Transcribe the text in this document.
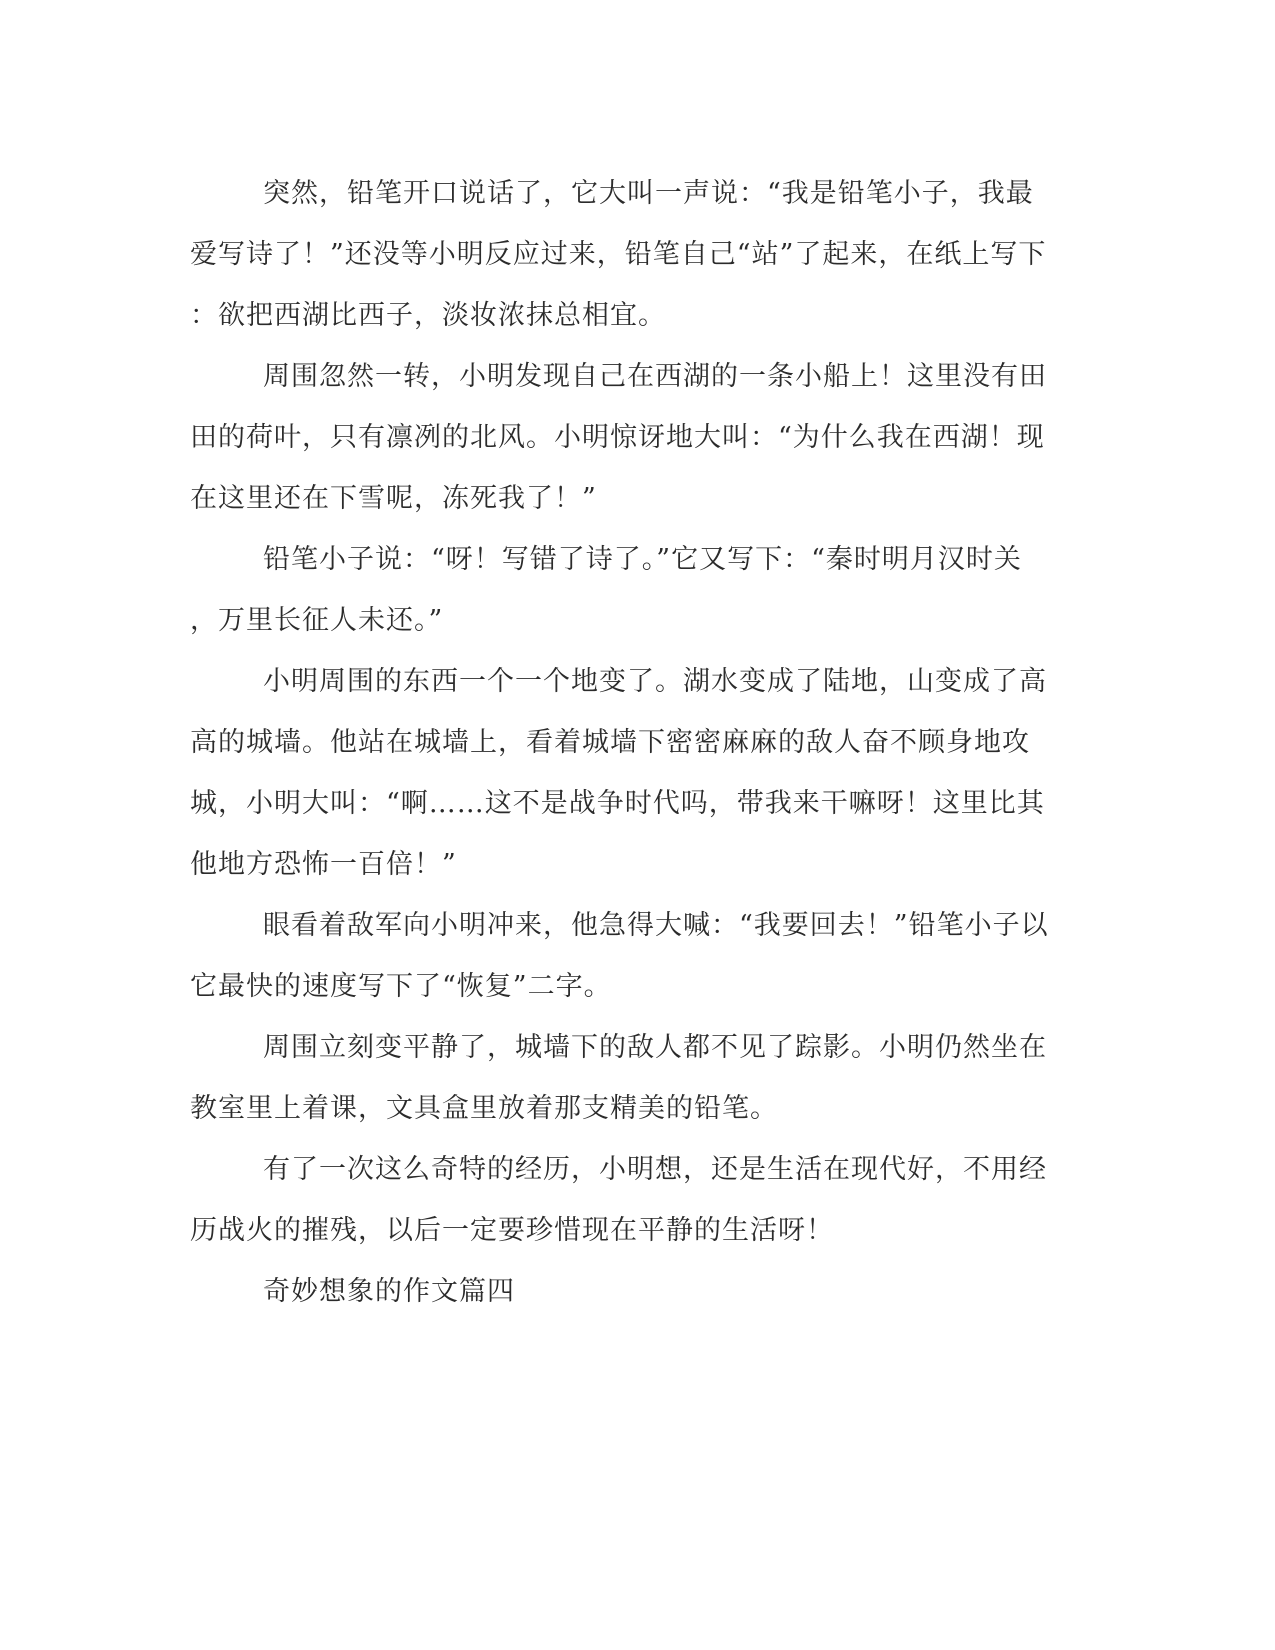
突然，铅笔开口说话了，它大叫一声说：“我是铅笔小子，我最
爱写诗了！”还没等小明反应过来，铅笔自己“站”了起来，在纸上写下
：欲把西湖比西子，淡妆浓抹总相宜。
周围忽然一转，小明发现自己在西湖的一条小船上！这里没有田
田的荷叶，只有凛冽的北风。小明惊讶地大叫：“为什么我在西湖！现
在这里还在下雪呢，冻死我了！”
铅笔小子说：“呀！写错了诗了。”它又写下：“秦时明月汉时关
，万里长征人未还。”
小明周围的东西一个一个地变了。湖水变成了陆地，山变成了高
高的城墙。他站在城墙上，看着城墙下密密麻麻的敌人奋不顾身地攻
城，小明大叫：“啊……这不是战争时代吗，带我来干嘛呀！这里比其
他地方恐怖一百倍！”
眼看着敌军向小明冲来，他急得大喊：“我要回去！”铅笔小子以
它最快的速度写下了“恢复”二字。
周围立刻变平静了，城墙下的敌人都不见了踪影。小明仍然坐在
教室里上着课，文具盒里放着那支精美的铅笔。
有了一次这么奇特的经历，小明想，还是生活在现代好，不用经
历战火的摧残，以后一定要珍惜现在平静的生活呀！
奇妙想象的作文篇四
